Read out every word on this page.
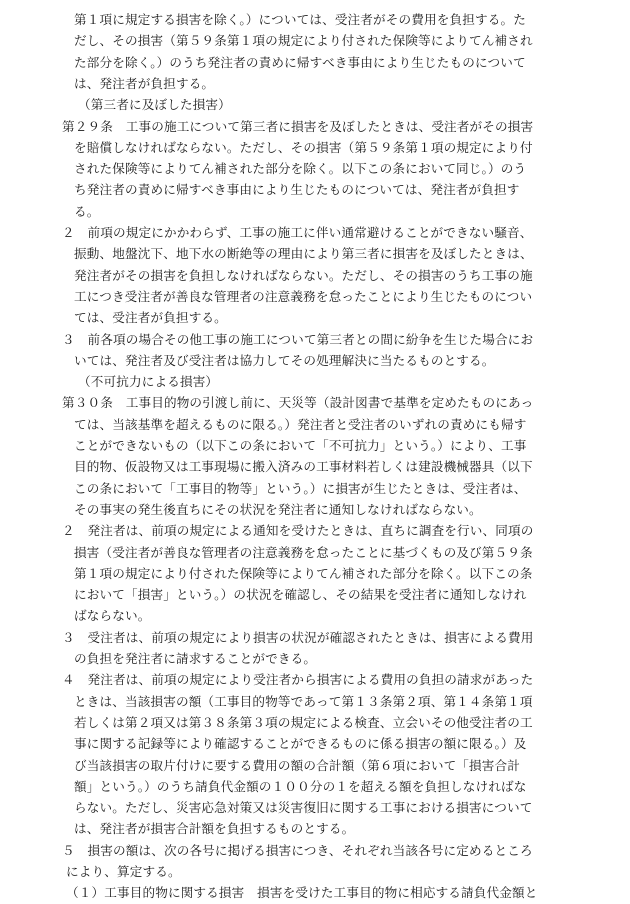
第１項に規定する損害を除く。）については、受注者がその費用を負担する。た
だし、その損害（第５９条第１項の規定により付された保険等によりてん補され
た部分を除く。）のうち発注者の責めに帰すべき事由により生じたものについて
は、発注者が負担する。
（第三者に及ぼした損害）
第２９条　工事の施工について第三者に損害を及ぼしたときは、受注者がその損害
を賠償しなければならない。ただし、その損害（第５９条第１項の規定により付
された保険等によりてん補された部分を除く。以下この条において同じ。）のう
ち発注者の責めに帰すべき事由により生じたものについては、発注者が負担す
る。
２　前項の規定にかかわらず、工事の施工に伴い通常避けることができない騒音、
振動、地盤沈下、地下水の断絶等の理由により第三者に損害を及ぼしたときは、
発注者がその損害を負担しなければならない。ただし、その損害のうち工事の施
工につき受注者が善良な管理者の注意義務を怠ったことにより生じたものについ
ては、受注者が負担する。
３　前各項の場合その他工事の施工について第三者との間に紛争を生じた場合にお
いては、発注者及び受注者は協力してその処理解決に当たるものとする。
（不可抗力による損害）
第３０条　工事目的物の引渡し前に、天災等（設計図書で基準を定めたものにあっ
ては、当該基準を超えるものに限る。）発注者と受注者のいずれの責めにも帰す
ことができないもの（以下この条において「不可抗力」という。）により、工事
目的物、仮設物又は工事現場に搬入済みの工事材料若しくは建設機械器具（以下
この条において「工事目的物等」という。）に損害が生じたときは、受注者は、
その事実の発生後直ちにその状況を発注者に通知しなければならない。
２　発注者は、前項の規定による通知を受けたときは、直ちに調査を行い、同項の
損害（受注者が善良な管理者の注意義務を怠ったことに基づくもの及び第５９条
第１項の規定により付された保険等によりてん補された部分を除く。以下この条
において「損害」という。）の状況を確認し、その結果を受注者に通知しなけれ
ばならない。
３　受注者は、前項の規定により損害の状況が確認されたときは、損害による費用
の負担を発注者に請求することができる。
４　発注者は、前項の規定により受注者から損害による費用の負担の請求があった
ときは、当該損害の額（工事目的物等であって第１３条第２項、第１４条第１項
若しくは第２項又は第３８条第３項の規定による検査、立会いその他受注者の工
事に関する記録等により確認することができるものに係る損害の額に限る。）及
び当該損害の取片付けに要する費用の額の合計額（第６項において「損害合計
額」という。）のうち請負代金額の１００分の１を超える額を負担しなければな
らない。ただし、災害応急対策又は災害復旧に関する工事における損害について
は、発注者が損害合計額を負担するものとする。
５　損害の額は、次の各号に掲げる損害につき、それぞれ当該各号に定めるところ
により、算定する。
（１）工事目的物に関する損害　損害を受けた工事目的物に相応する請負代金額と
